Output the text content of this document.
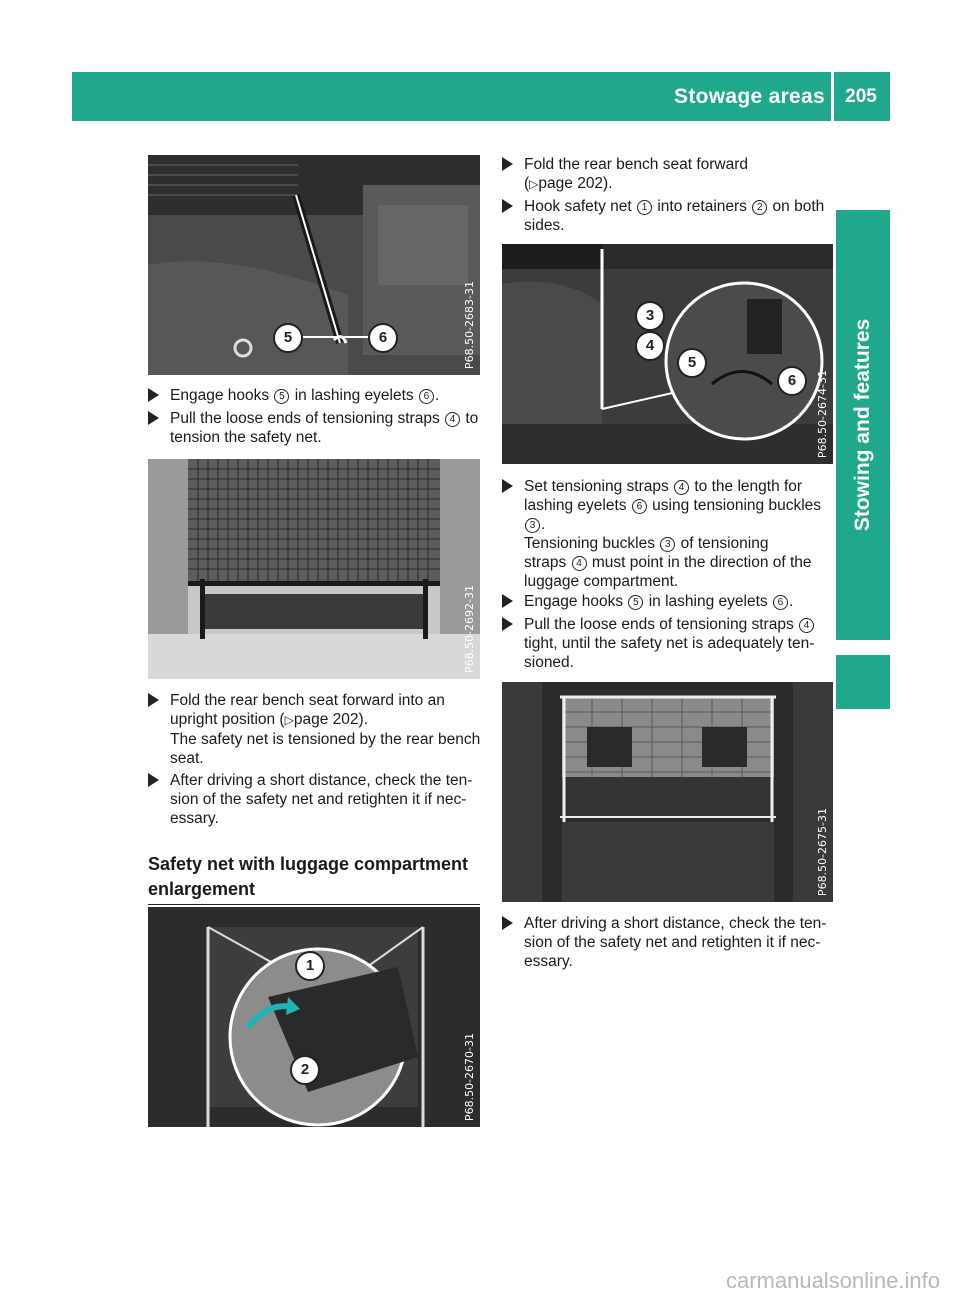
Stowage areas	205
Stowing and features
5	6	P68.50-2683-31
Engage hooks 5 in lashing eyelets 6 .
Pull the loose ends of tensioning straps 4 to
tension the safety net.
P68.50-2692-31
Fold the rear bench seat forward into an
upright position (▷page 202).
The safety net is tensioned by the rear bench
seat.
After driving a short distance, check the ten-
sion of the safety net and retighten it if nec-
essary.
Safety net with luggage compartment
enlargement
1
2	P68.50-2670-31
Fold the rear bench seat forward
(▷page 202).
Hook safety net 1 into retainers 2 on both
sides.
3
4
5
6	P68.50-2674-31
Set tensioning straps 4 to the length for
lashing eyelets 6 using tensioning buckles
3 .
Tensioning buckles 3 of tensioning
straps 4 must point in the direction of the
luggage compartment.
Engage hooks 5 in lashing eyelets 6 .
Pull the loose ends of tensioning straps 4
tight, until the safety net is adequately ten-
sioned.
P68.50-2675-31
After driving a short distance, check the ten-
sion of the safety net and retighten it if nec-
essary.
carmanualsonline.info
